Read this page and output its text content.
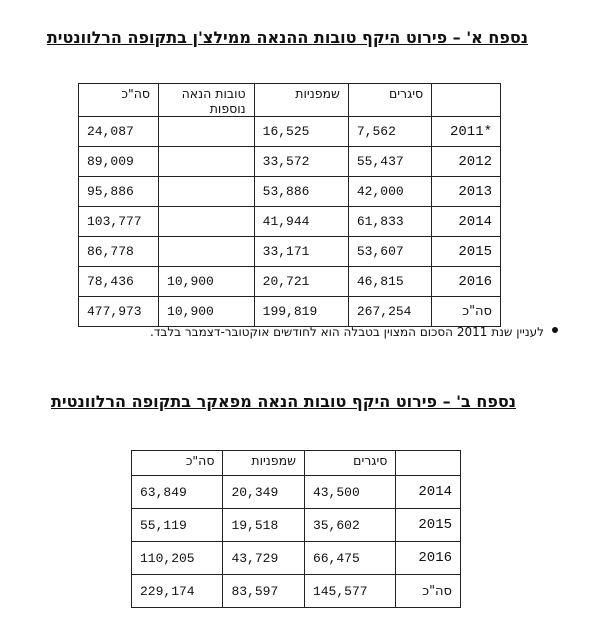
נספח א' – פירוט היקף טובות ההנאה ממילצ'ן בתקופה הרלוונטית
	סיגרים	שמפניות	טובות הנאה נוספות	סה"כ
2011*	7,562	16,525		24,087
2012	55,437	33,572		89,009
2013	42,000	53,886		95,886
2014	61,833	41,944		103,777
2015	53,607	33,171		86,778
2016	46,815	20,721	10,900	78,436
סה"כ	267,254	199,819	10,900	477,973
לעניין שנת 2011 הסכום המצוין בטבלה הוא לחודשים אוקטובר-דצמבר בלבד.
נספח ב' – פירוט היקף טובות הנאה מפאקר בתקופה הרלוונטית
	סיגרים	שמפניות	סה"כ
2014	43,500	20,349	63,849
2015	35,602	19,518	55,119
2016	66,475	43,729	110,205
סה"כ	145,577	83,597	229,174
